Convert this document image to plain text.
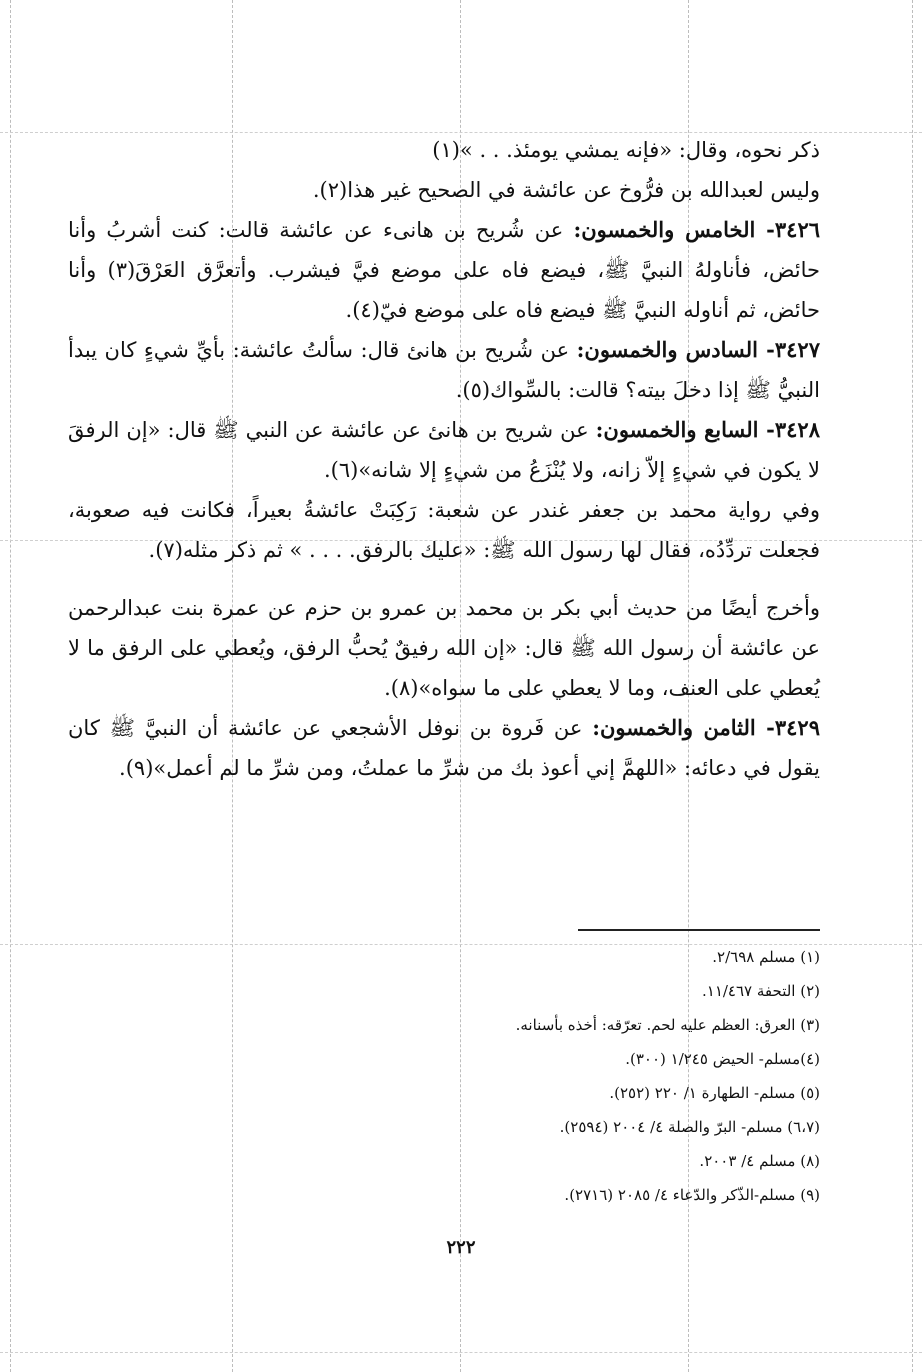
ذكر نحوه، وقال: «فإنه يمشي يومئذ. . . »(١)

وليس لعبدالله بن فرُّوخ عن عائشة في الصحيح غير هذا(٢).

٣٤٢٦- الخامس والخمسون: عن شُريح بن هانىء عن عائشة قالت: كنت أشربُ وأنا حائض، فأناولهُ النبيَّ ﷺ، فيضع فاه على موضع فيَّ فيشرب. وأتعرَّق العَرْقَ(٣) وأنا حائض، ثم أناوله النبيَّ ﷺ فيضع فاه على موضع فيّ(٤).

٣٤٢٧- السادس والخمسون: عن شُريح بن هانئ قال: سألتُ عائشة: بأيِّ شيءٍ كان يبدأ النبيُّ ﷺ إذا دخلَ بيته؟ قالت: بالسِّواك(٥).

٣٤٢٨- السابع والخمسون: عن شريح بن هانئ عن عائشة عن النبي ﷺ قال: «إن الرفقَ لا يكون في شيءٍ إلاّ زانه، ولا يُنْزَعُ من شيءٍ إلا شانه»(٦).

وفي رواية محمد بن جعفر غندر عن شعبة: رَكِبَتْ عائشةُ بعيراً، فكانت فيه صعوبة، فجعلت تردِّدُه، فقال لها رسول الله ﷺ: «عليك بالرفق. . . . » ثم ذكر مثله(٧).

وأخرج أيضًا من حديث أبي بكر بن محمد بن عمرو بن حزم عن عمرة بنت عبدالرحمن عن عائشة أن رسول الله ﷺ قال: «إن الله رفيقٌ يُحبُّ الرفق، ويُعطي على الرفق ما لا يُعطي على العنف، وما لا يعطي على ما سواه»(٨).

٣٤٢٩- الثامن والخمسون: عن فَروة بن نوفل الأشجعي عن عائشة أن النبيَّ ﷺ كان يقول في دعائه: «اللهمَّ إني أعوذ بك من شرِّ ما عملتُ، ومن شرِّ ما لم أعمل»(٩).

(١) مسلم ٢/٦٩٨.
(٢) التحفة ١١/٤٦٧.
(٣) العرق: العظم عليه لحم. تعرّقه: أخذه بأسنانه.
(٤)مسلم- الحيض ١/٢٤٥ (٣٠٠).
(٥) مسلم- الطهارة ١/ ٢٢٠ (٢٥٢).
(٦،٧) مسلم- البرّ والصلة ٤/ ٢٠٠٤ (٢٥٩٤).
(٨) مسلم ٤/ ٢٠٠٣.
(٩) مسلم-الذّكر والدّعاء ٤/ ٢٠٨٥ (٢٧١٦).
٢٢٢
